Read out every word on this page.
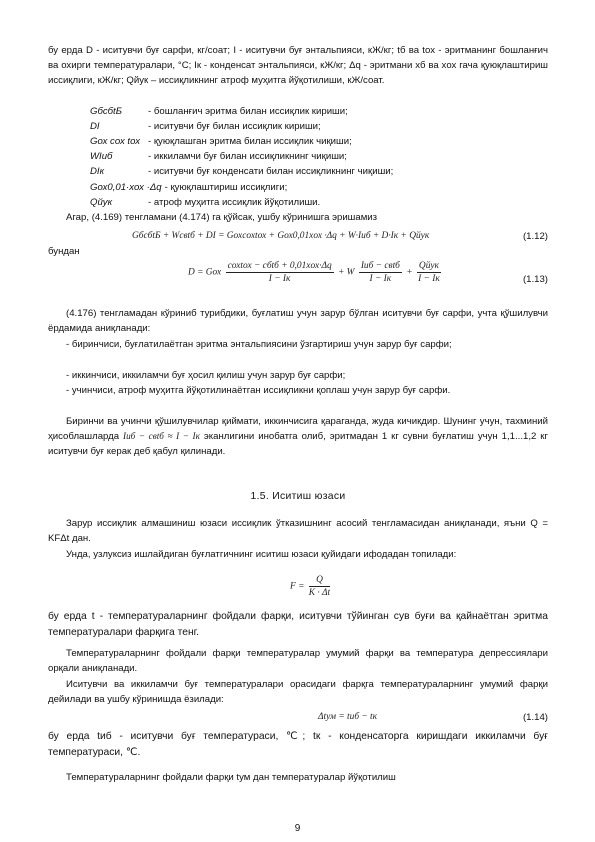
бу ерда D - иситувчи буғ сарфи, кг/соат; I - иситувчи буғ энтальпияси, кЖ/кг; tб ва tох - эритманинг бошланғич ва охирги температуралари, °С; Iк - конденсат энтальпияси, кЖ/кг; Δq - эритмани xб ва xох гача қуюқлаштириш иссиқлиги, кЖ/кг; Qйук – иссиқликнинг атроф муҳитга йўқотилиши, кЖ/соат.
GбcбtБ	- бошланғич эритма билан иссиқлик кириши;
DI	- иситувчи буғ билан иссиқлик кириши;
Gох cох tох - қуюқлашган эритма билан иссиқлик чиқиши;
WIиб	- иккиламчи буғ билан иссиқликнинг чиқиши;
DIк	- иситувчи буғ конденсати билан иссиқликнинг чиқиши;
Gох0,01·xох ·Δq - қуюқлаштириш иссиқлиги;
Qйук	- атроф муҳитга иссиқлик йўқотилиши.
Агар, (4.169) тенгламани (4.174) га қўйсак, ушбу кўринишга эришамиз
GбcбtБ + Wcвtб + DI = Gохcохtох + Gох0,01xох ·Δq + W·Iиб + D·Iк + Qйук	(1.12)
бундан
D = Gох $\frac{\text{cохtох − cбtб + 0,01xох·Δq}}{I - Iк} + W \frac{\text{Iиб − cвtб}}{I - Iк} + \frac{\text{Qйук}}{I - Iк}$	(1.13)
(4.176) тенгламадан кўриниб турибдики, буғлатиш учун зарур бўлган иситувчи буғ сарфи, учта қўшилувчи ёрдамида аниқланади:
- биринчиси, буғлатилаётган эритма энтальпиясини ўзгартириш учун зарур буғ сарфи;
- иккинчиси, иккиламчи буғ ҳосил қилиш учун зарур буғ сарфи;
- учинчиси, атроф муҳитга йўқотилинаётган иссиқликни қоплаш учун зарур буғ сарфи.
Биринчи ва учинчи қўшилувчилар қиймати, иккинчисига қараганда, жуда кичикдир. Шунинг учун, тахминий ҳисоблашларда Iиб − cвtб ≈ I − Iк эканлигини инобатга олиб, эритмадан 1 кг сувни буғлатиш учун 1,1...1,2 кг иситувчи буғ керак деб қабул қилинади.
1.5. Иситиш юзаси
Зарур иссиқлик алмашиниш юзаси иссиқлик ўтказишнинг асосий тенгламасидан аниқланади, яъни Q = KFΔt дан.
Унда, узлуксиз ишлайдиган буғлатгичнинг иситиш юзаси қуйидаги ифодадан топилади:
$F = \frac{Q}{K \cdot \Delta t}$
бу ерда t - температураларнинг фойдали фарқи, иситувчи тўйинган сув буғи ва қайнаётган эритма температуралари фарқига тенг.
Температураларнинг фойдали фарқи температуралар умумий фарқи ва температура депрессиялари орқали аниқланади.
Иситувчи ва иккиламчи буғ температуралари орасидаги фарқга температураларнинг умумий фарқи дейилади ва ушбу кўринишда ёзилади:
Δtум = tиб − tк	(1.14)
бу ерда tиб - иситувчи буғ температураси, ℃; tк - конденсаторга киришдаги иккиламчи буғ температураси, ℃.
Температураларнинг фойдали фарқи tум дан температуралар йўқотилиш
9
